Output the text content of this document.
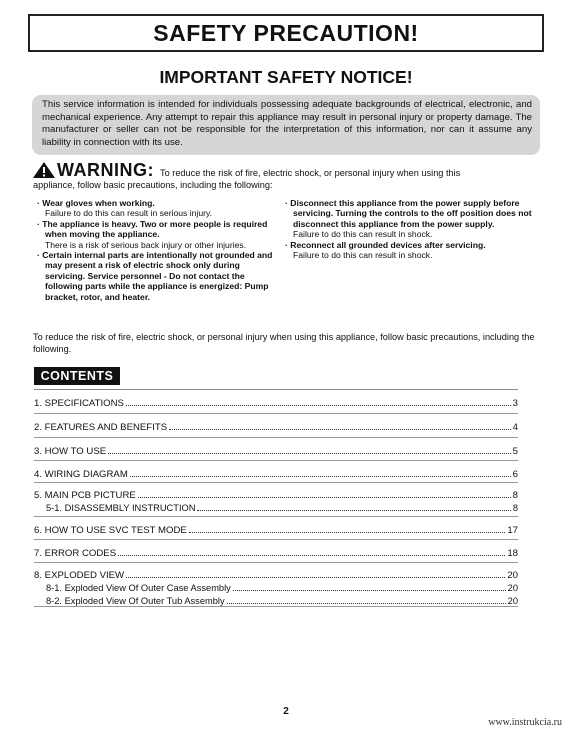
SAFETY PRECAUTION!
IMPORTANT SAFETY NOTICE!
This service information is intended for individuals possessing adequate backgrounds of electrical, electronic, and mechanical experience. Any attempt to repair this appliance may result in personal injury or property damage. The manufacturer or seller can not be responsible for the interpretation of this information, nor can it assume any liability in connection with its use.
WARNING: To reduce the risk of fire, electric shock, or personal injury when using this
appliance, follow basic precautions, including the following:
· Wear gloves when working.
Failure to do this can result in serious injury.
· The appliance is heavy. Two or more people is required when moving the appliance.
There is a risk of serious back injury or other injuries.
· Certain internal parts are intentionally not grounded and may present a risk of electric shock only during servicing. Service personnel - Do not contact the following parts while the appliance is energized: Pump bracket, rotor, and heater.
· Disconnect this appliance from the power supply before servicing. Turning the controls to the off position does not disconnect this appliance from the power supply.
Failure to do this can result in shock.
· Reconnect all grounded devices after servicing.
Failure to do this can result in shock.
To reduce the risk of fire, electric shock, or personal injury when using this appliance, follow basic precautions, including the following.
CONTENTS
1. SPECIFICATIONS	3
2. FEATURES AND BENEFITS	4
3. HOW TO USE	5
4. WIRING DIAGRAM	6
5. MAIN PCB PICTURE	8
5-1. DISASSEMBLY INSTRUCTION	8
6. HOW TO USE SVC TEST MODE	17
7. ERROR CODES	18
8. EXPLODED VIEW	20
8-1. Exploded View Of Outer Case Assembly	20
8-2. Exploded View Of Outer Tub Assembly	20
2
www.instrukcia.ru
